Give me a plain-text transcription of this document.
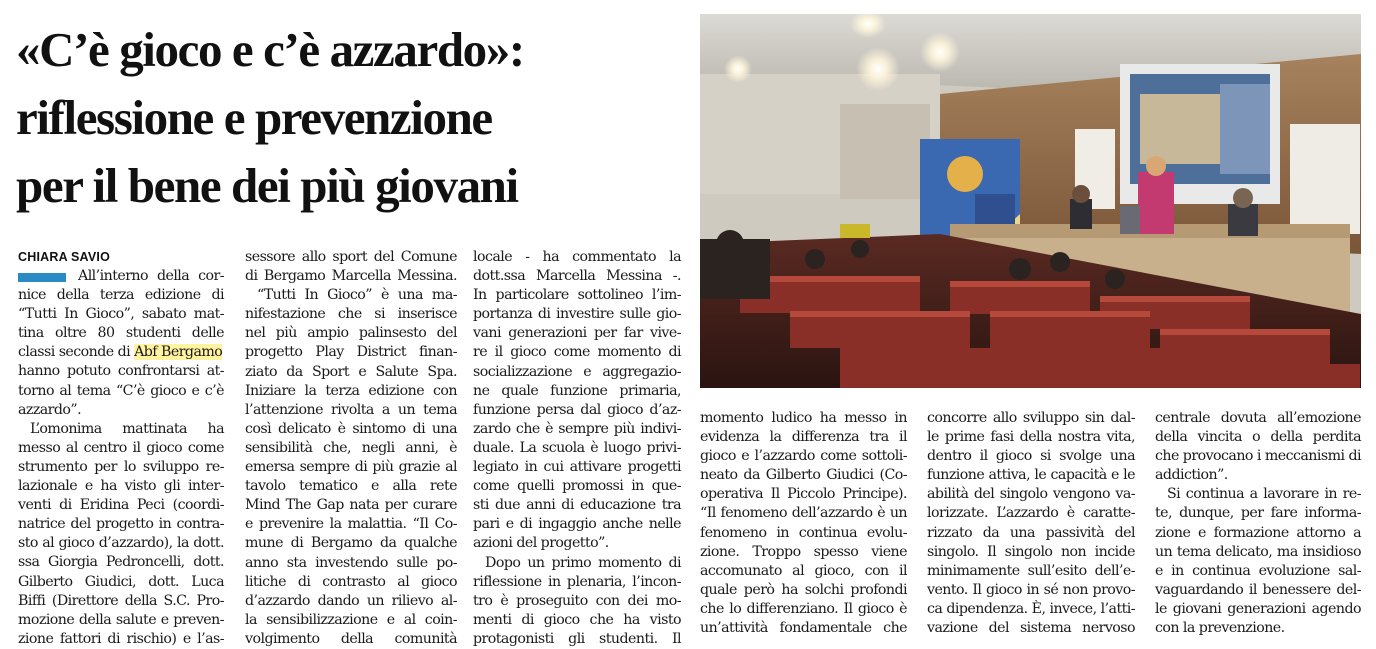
«C’è gioco e c’è azzardo»:
riflessione e prevenzione
per il bene dei più giovani
CHIARA SAVIO
All’interno della cor-
nice della terza edizione di
“Tutti In Gioco”, sabato mat-
tina oltre 80 studenti delle
classi seconde di Abf Bergamo
hanno potuto confrontarsi at-
torno al tema “C’è gioco e c’è
azzardo”.
L’omonima mattinata ha
messo al centro il gioco come
strumento per lo sviluppo re-
lazionale e ha visto gli inter-
venti di Eridina Peci (coordi-
natrice del progetto in contra-
sto al gioco d’azzardo), la dott.
ssa Giorgia Pedroncelli, dott.
Gilberto Giudici, dott. Luca
Biffi (Direttore della S.C. Pro-
mozione della salute e preven-
zione fattori di rischio) e l’as-
sessore allo sport del Comune
di Bergamo Marcella Messina.
“Tutti In Gioco” è una ma-
nifestazione che si inserisce
nel più ampio palinsesto del
progetto Play District finan-
ziato da Sport e Salute Spa.
Iniziare la terza edizione con
l’attenzione rivolta a un tema
così delicato è sintomo di una
sensibilità che, negli anni, è
emersa sempre di più grazie al
tavolo tematico e alla rete
Mind The Gap nata per curare
e prevenire la malattia. “Il Co-
mune di Bergamo da qualche
anno sta investendo sulle po-
litiche di contrasto al gioco
d’azzardo dando un rilievo al-
la sensibilizzazione e al coin-
volgimento della comunità
locale - ha commentato la
dott.ssa Marcella Messina -.
In particolare sottolineo l’im-
portanza di investire sulle gio-
vani generazioni per far vive-
re il gioco come momento di
socializzazione e aggregazio-
ne quale funzione primaria,
funzione persa dal gioco d’az-
zardo che è sempre più indivi-
duale. La scuola è luogo privi-
legiato in cui attivare progetti
come quelli promossi in que-
sti due anni di educazione tra
pari e di ingaggio anche nelle
azioni del progetto”.
Dopo un primo momento di
riflessione in plenaria, l’incon-
tro è proseguito con dei mo-
menti di gioco che ha visto
protagonisti gli studenti. Il
momento ludico ha messo in
evidenza la differenza tra il
gioco e l’azzardo come sottoli-
neato da Gilberto Giudici (Co-
operativa Il Piccolo Principe).
“Il fenomeno dell’azzardo è un
fenomeno in continua evolu-
zione. Troppo spesso viene
accomunato al gioco, con il
quale però ha solchi profondi
che lo differenziano. Il gioco è
un’attività fondamentale che
concorre allo sviluppo sin dal-
le prime fasi della nostra vita,
dentro il gioco si svolge una
funzione attiva, le capacità e le
abilità del singolo vengono va-
lorizzate. L’azzardo è caratte-
rizzato da una passività del
singolo. Il singolo non incide
minimamente sull’esito dell’e-
vento. Il gioco in sé non provo-
ca dipendenza. È, invece, l’atti-
vazione del sistema nervoso
centrale dovuta all’emozione
della vincita o della perdita
che provocano i meccanismi di
addiction”.
Si continua a lavorare in re-
te, dunque, per fare informa-
zione e formazione attorno a
un tema delicato, ma insidioso
e in continua evoluzione sal-
vaguardando il benessere del-
le giovani generazioni agendo
con la prevenzione.
